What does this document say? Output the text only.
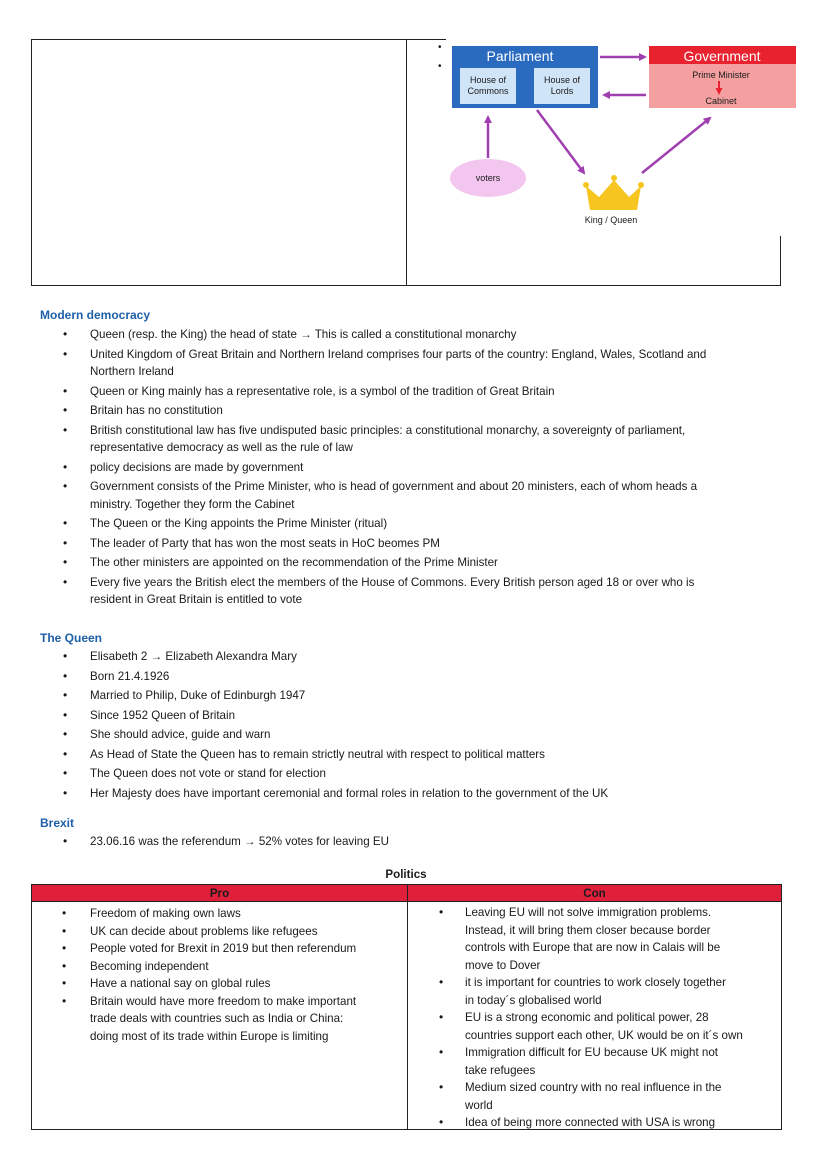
•
•
Parliament
House of
Commons
House of
Lords
Government
Prime Minister
Cabinet
voters
King / Queen
Modern democracy
• Queen (resp. the King) the head of state → This is called a constitutional monarchy
• United Kingdom of Great Britain and Northern Ireland comprises four parts of the country: England, Wales, Scotland and
Northern Ireland
• Queen or King mainly has a representative role, is a symbol of the tradition of Great Britain
• Britain has no constitution
• British constitutional law has five undisputed basic principles: a constitutional monarchy, a sovereignty of parliament,
representative democracy as well as the rule of law
• policy decisions are made by government
• Government consists of the Prime Minister, who is head of government and about 20 ministers, each of whom heads a
ministry. Together they form the Cabinet
• The Queen or the King appoints the Prime Minister (ritual)
• The leader of Party that has won the most seats in HoC beomes PM
• The other ministers are appointed on the recommendation of the Prime Minister
• Every five years the British elect the members of the House of Commons. Every British person aged 18 or over who is
resident in Great Britain is entitled to vote
The Queen
• Elisabeth 2 → Elizabeth Alexandra Mary
• Born 21.4.1926
• Married to Philip, Duke of Edinburgh 1947
• Since 1952 Queen of Britain
• She should advice, guide and warn
• As Head of State the Queen has to remain strictly neutral with respect to political matters
• The Queen does not vote or stand for election
• Her Majesty does have important ceremonial and formal roles in relation to the government of the UK
Brexit
• 23.06.16 was the referendum → 52% votes for leaving EU
Politics
Pro	Con
• Freedom of making own laws
• UK can decide about problems like refugees
• People voted for Brexit in 2019 but then referendum
• Becoming independent
• Have a national say on global rules
• Britain would have more freedom to make important
trade deals with countries such as India or China:
doing most of its trade within Europe is limiting
• Leaving EU will not solve immigration problems.
Instead, it will bring them closer because border
controls with Europe that are now in Calais will be
move to Dover
• it is important for countries to work closely together
in today´s globalised world
• EU is a strong economic and political power, 28
countries support each other, UK would be on it´s own
• Immigration difficult for EU because UK might not
take refugees
• Medium sized country with no real influence in the
world
• Idea of being more connected with USA is wrong
